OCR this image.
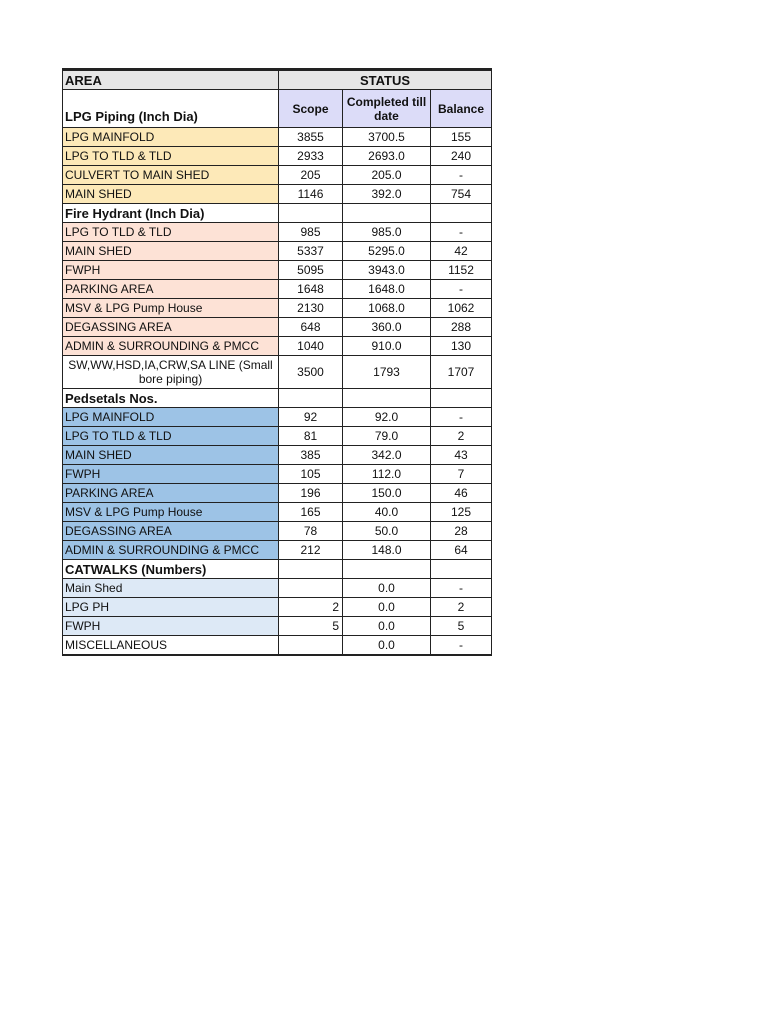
AREA	STATUS		
LPG Piping (Inch Dia)	Scope	Completed till date	Balance
LPG MAINFOLD	3855	3700.5	155
LPG TO TLD & TLD	2933	2693.0	240
CULVERT TO MAIN SHED	205	205.0	-
MAIN SHED	1146	392.0	754
Fire Hydrant (Inch Dia)			
LPG TO TLD & TLD	985	985.0	-
MAIN SHED	5337	5295.0	42
FWPH	5095	3943.0	1152
PARKING AREA	1648	1648.0	-
MSV & LPG Pump House	2130	1068.0	1062
DEGASSING AREA	648	360.0	288
ADMIN & SURROUNDING & PMCC	1040	910.0	130
SW,WW,HSD,IA,CRW,SA LINE (Small bore piping)	3500	1793	1707
Pedsetals Nos.			
LPG MAINFOLD	92	92.0	-
LPG TO TLD & TLD	81	79.0	2
MAIN SHED	385	342.0	43
FWPH	105	112.0	7
PARKING AREA	196	150.0	46
MSV & LPG Pump House	165	40.0	125
DEGASSING AREA	78	50.0	28
ADMIN & SURROUNDING & PMCC	212	148.0	64
CATWALKS (Numbers)			
Main Shed		0.0	-
LPG PH	2	0.0	2
FWPH	5	0.0	5
MISCELLANEOUS		0.0	-
